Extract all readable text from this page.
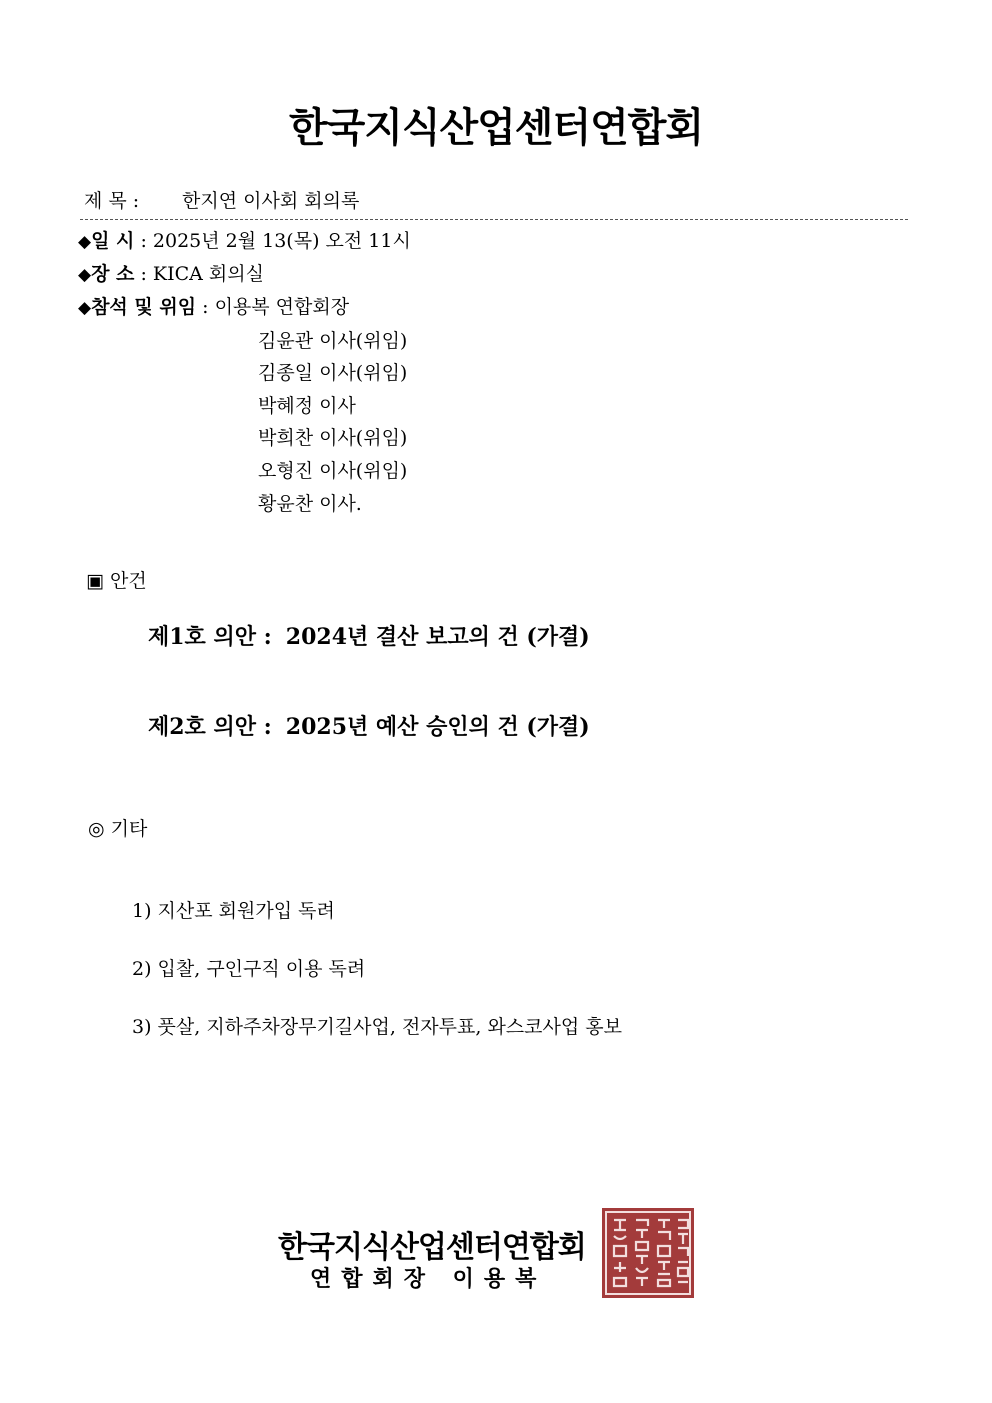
한국지식산업센터연합회
제 목 : 한지연 이사회 회의록
◆일 시 : 2025년 2월 13(목) 오전 11시
◆장 소 : KICA 회의실
◆참석 및 위임 : 이용복 연합회장
김윤관 이사(위임)
김종일 이사(위임)
박혜정 이사
박희찬 이사(위임)
오형진 이사(위임)
황윤찬 이사.
▣ 안건
제1호 의안 : 2024년 결산 보고의 건 (가결)
제2호 의안 : 2025년 예산 승인의 건 (가결)
◎ 기타
1) 지산포 회원가입 독려
2) 입찰, 구인구직 이용 독려
3) 풋살, 지하주차장무기길사업, 전자투표, 와스코사업 홍보
한국지식산업센터연합회
연합회장 이용복
